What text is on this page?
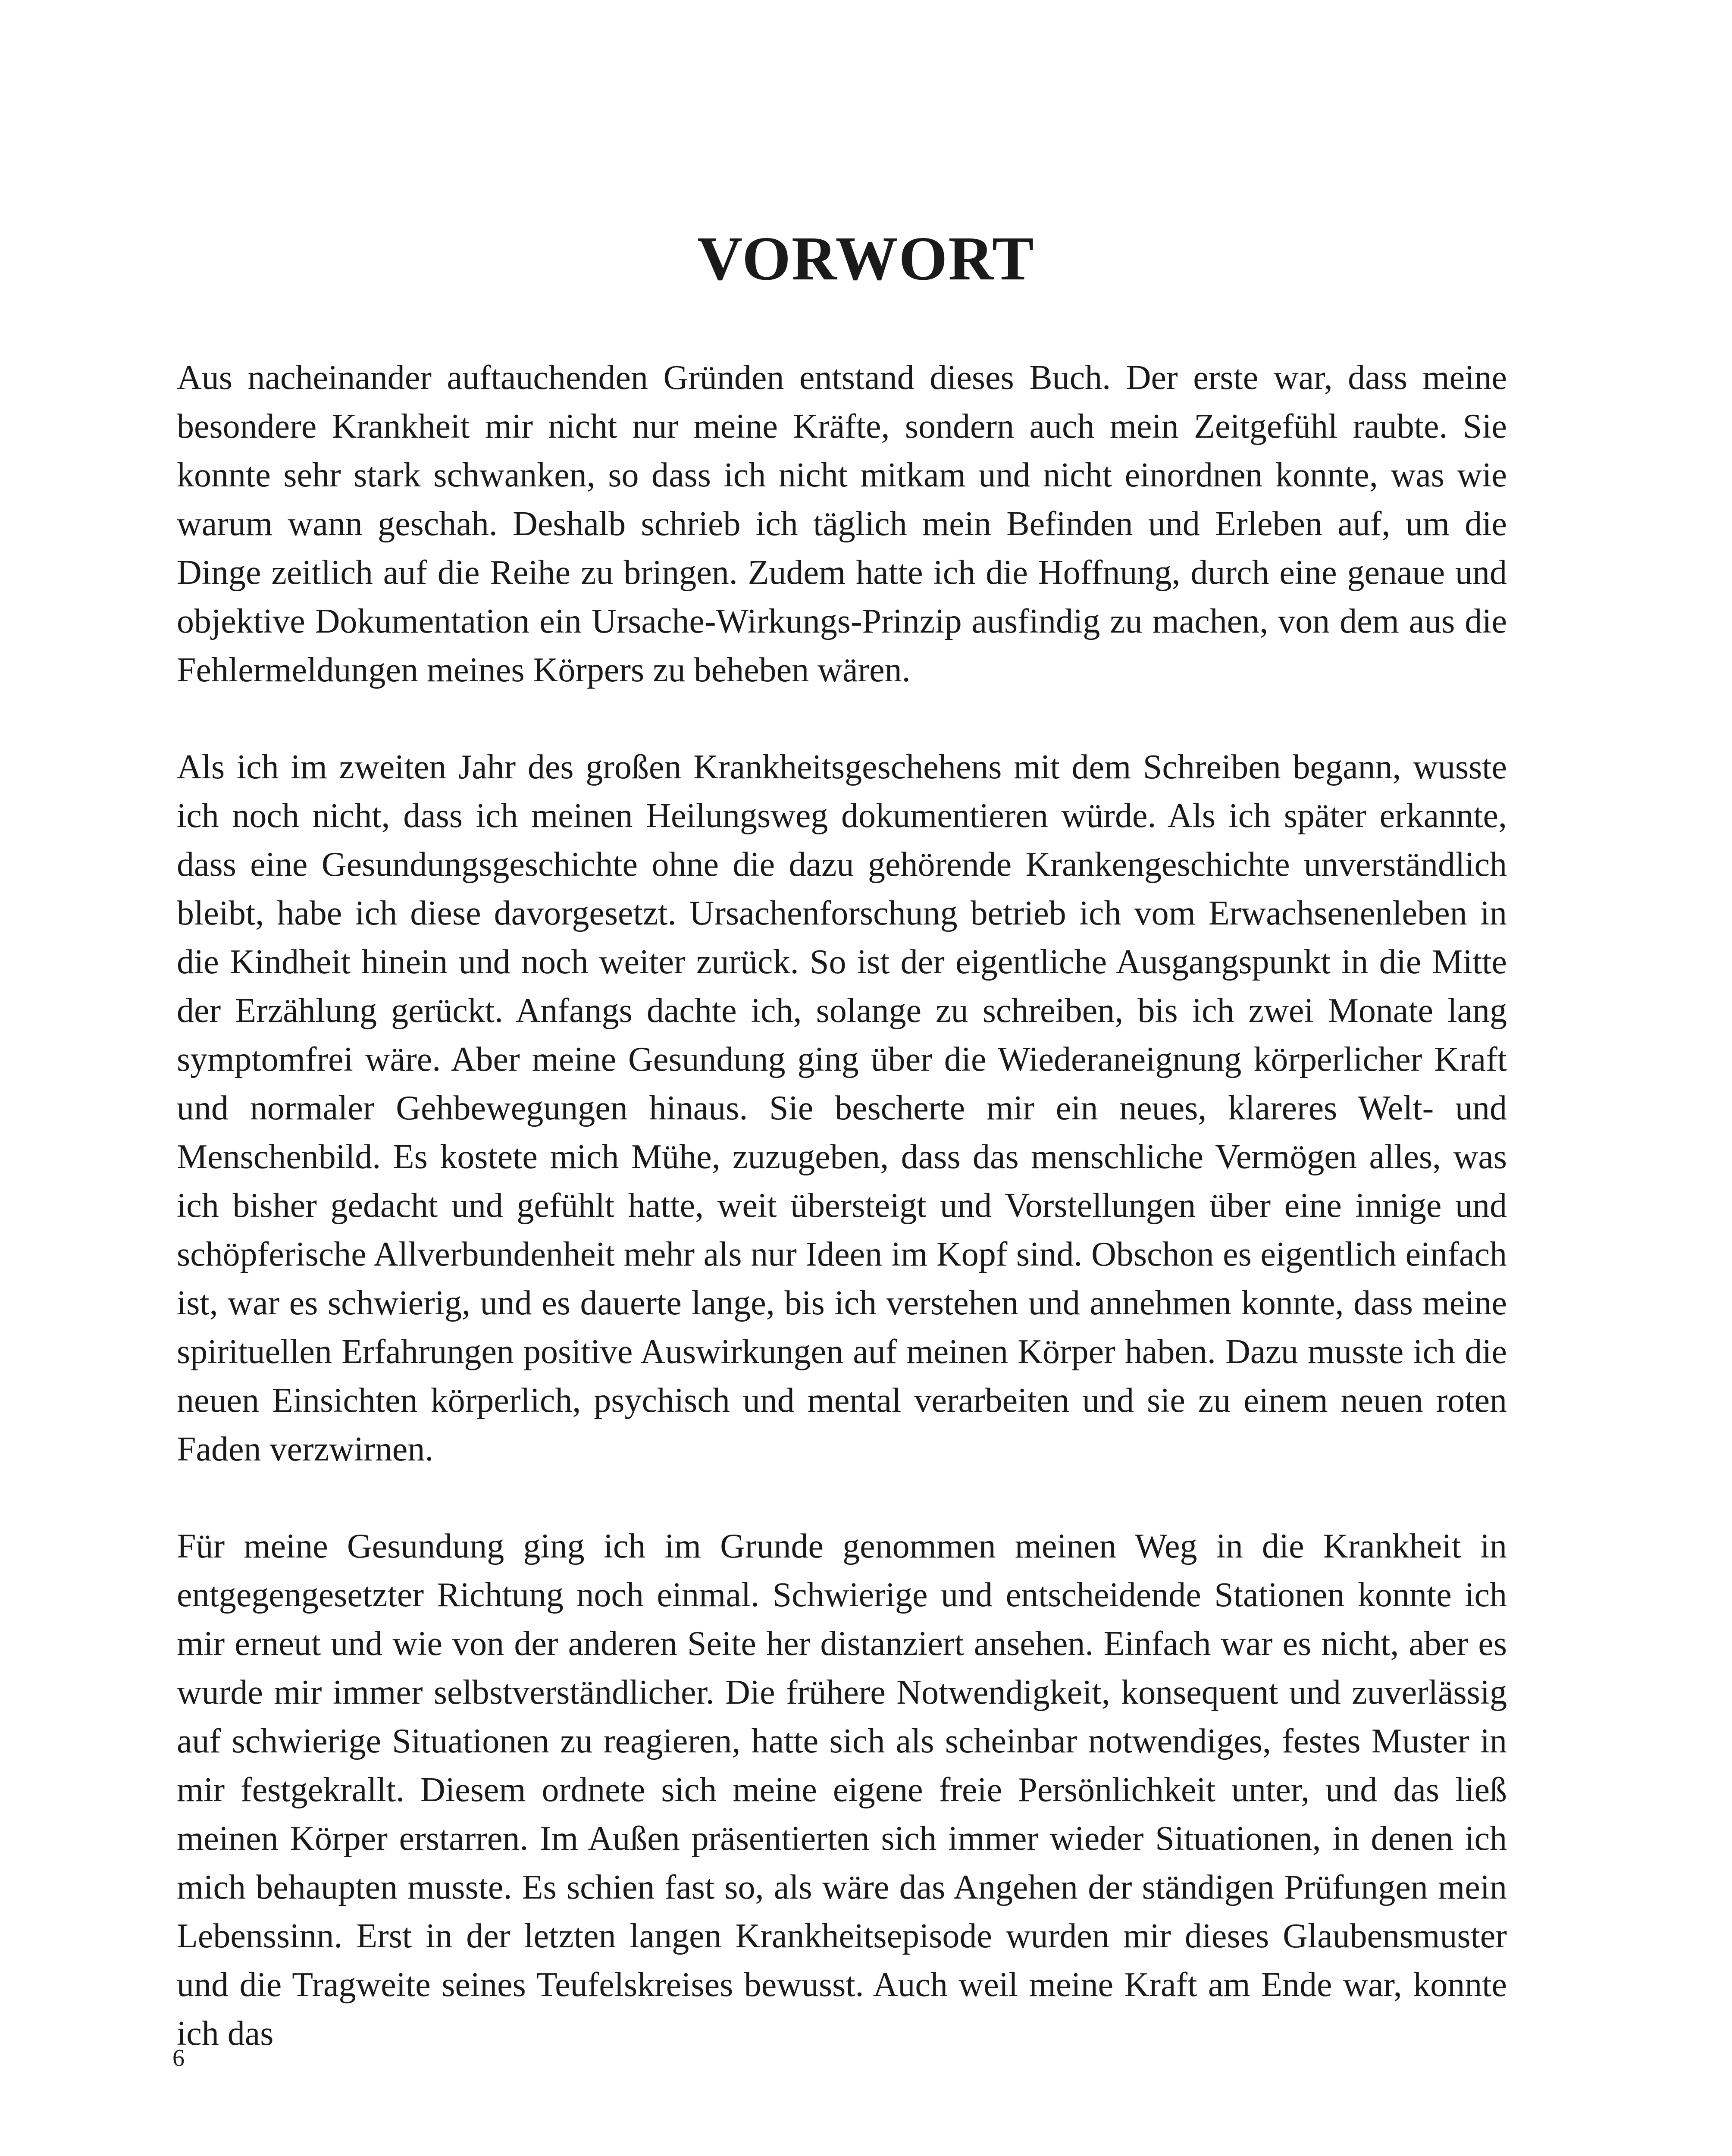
VORWORT

Aus nacheinander auftauchenden Gründen entstand dieses Buch. Der erste war, dass meine besondere Krankheit mir nicht nur meine Kräfte, sondern auch mein Zeitgefühl raubte. Sie konnte sehr stark schwanken, so dass ich nicht mitkam und nicht einordnen konnte, was wie warum wann geschah. Deshalb schrieb ich täglich mein Befinden und Erleben auf, um die Dinge zeitlich auf die Reihe zu bringen. Zudem hatte ich die Hoffnung, durch eine genaue und objektive Dokumentation ein Ursache-Wirkungs-Prinzip ausfindig zu machen, von dem aus die Fehlermeldungen meines Körpers zu beheben wären.

Als ich im zweiten Jahr des großen Krankheitsgeschehens mit dem Schreiben begann, wusste ich noch nicht, dass ich meinen Heilungsweg dokumentieren würde. Als ich später erkannte, dass eine Gesundungsgeschichte ohne die dazu gehörende Krankengeschichte unverständlich bleibt, habe ich diese davorgesetzt. Ursachenforschung betrieb ich vom Erwachsenenleben in die Kindheit hinein und noch weiter zurück. So ist der eigentliche Ausgangspunkt in die Mitte der Erzählung gerückt. Anfangs dachte ich, solange zu schreiben, bis ich zwei Monate lang symptomfrei wäre. Aber meine Gesundung ging über die Wiederaneignung körperlicher Kraft und normaler Gehbewegungen hinaus. Sie bescherte mir ein neues, klareres Welt- und Menschenbild. Es kostete mich Mühe, zuzugeben, dass das menschliche Vermögen alles, was ich bisher gedacht und gefühlt hatte, weit übersteigt und Vorstellungen über eine innige und schöpferische Allverbundenheit mehr als nur Ideen im Kopf sind. Obschon es eigentlich einfach ist, war es schwierig, und es dauerte lange, bis ich verstehen und annehmen konnte, dass meine spirituellen Erfahrungen positive Auswirkungen auf meinen Körper haben. Dazu musste ich die neuen Einsichten körperlich, psychisch und mental verarbeiten und sie zu einem neuen roten Faden verzwirnen.

Für meine Gesundung ging ich im Grunde genommen meinen Weg in die Krankheit in entgegengesetzter Richtung noch einmal. Schwierige und entscheidende Stationen konnte ich mir erneut und wie von der anderen Seite her distanziert ansehen. Einfach war es nicht, aber es wurde mir immer selbstverständlicher. Die frühere Notwendigkeit, konsequent und zuverlässig auf schwierige Situationen zu reagieren, hatte sich als scheinbar notwendiges, festes Muster in mir festgekrallt. Diesem ordnete sich meine eigene freie Persönlichkeit unter, und das ließ meinen Körper erstarren. Im Außen präsentierten sich immer wieder Situationen, in denen ich mich behaupten musste. Es schien fast so, als wäre das Angehen der ständigen Prüfungen mein Lebenssinn. Erst in der letzten langen Krankheitsepisode wurden mir dieses Glaubensmuster und die Tragweite seines Teufelskreises bewusst. Auch weil meine Kraft am Ende war, konnte ich das

6
